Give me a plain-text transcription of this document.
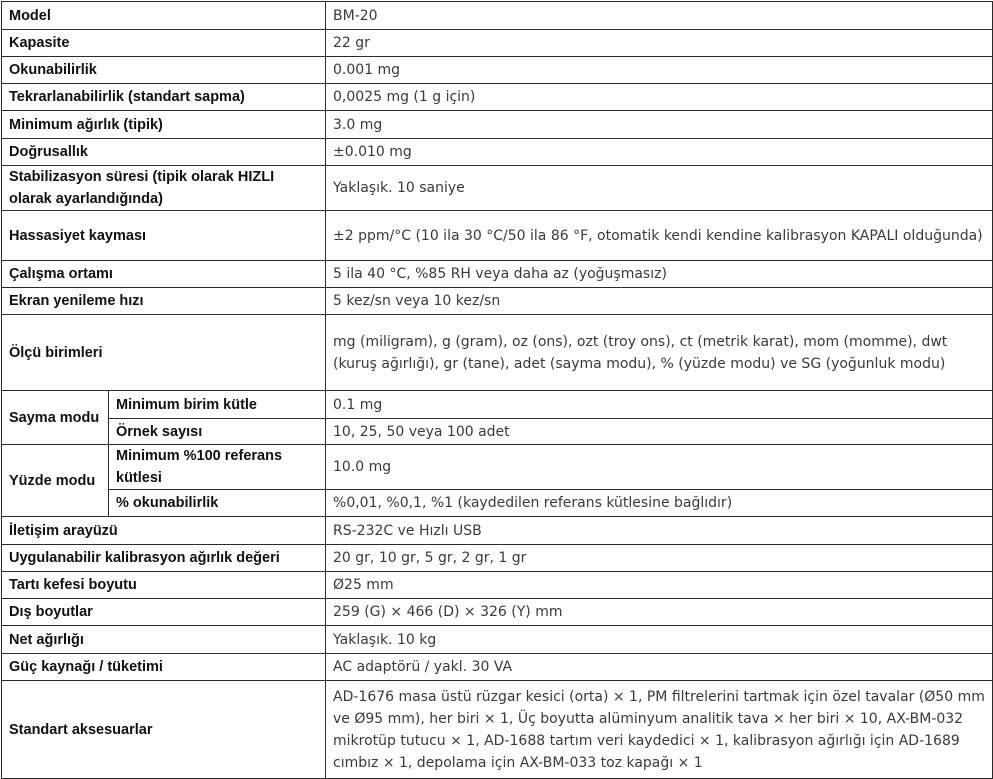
Model		BM-20
Kapasite		22 gr
Okunabilirlik		0.001 mg
Tekrarlanabilirlik (standart sapma)		0,0025 mg (1 g için)
Minimum ağırlık (tipik)		3.0 mg
Doğrusallık		±0.010 mg
Stabilizasyon süresi (tipik olarak HIZLI olarak ayarlandığında)		Yaklaşık. 10 saniye
Hassasiyet kayması		±2 ppm/°C (10 ila 30 °C/50 ila 86 °F, otomatik kendi kendine kalibrasyon KAPALI olduğunda)
Çalışma ortamı		5 ila 40 °C, %85 RH veya daha az (yoğuşmasız)
Ekran yenileme hızı		5 kez/sn veya 10 kez/sn
Ölçü birimleri		mg (miligram), g (gram), oz (ons), ozt (troy ons), ct (metrik karat), mom (momme), dwt (kuruş ağırlığı), gr (tane), adet (sayma modu), % (yüzde modu) ve SG (yoğunluk modu)
Sayma modu	Minimum birim kütle	0.1 mg
	Örnek sayısı	10, 25, 50 veya 100 adet
Yüzde modu	Minimum %100 referans kütlesi	10.0 mg
	% okunabilirlik	%0,01, %0,1, %1 (kaydedilen referans kütlesine bağlıdır)
İletişim arayüzü		RS-232C ve Hızlı USB
Uygulanabilir kalibrasyon ağırlık değeri		20 gr, 10 gr, 5 gr, 2 gr, 1 gr
Tartı kefesi boyutu		Ø25 mm
Dış boyutlar		259 (G) × 466 (D) × 326 (Y) mm
Net ağırlığı		Yaklaşık. 10 kg
Güç kaynağı / tüketimi		AC adaptörü / yakl. 30 VA
Standart aksesuarlar		AD-1676 masa üstü rüzgar kesici (orta) × 1, PM filtrelerini tartmak için özel tavalar (Ø50 mm ve Ø95 mm), her biri × 1, Üç boyutta alüminyum analitik tava × her biri × 10, AX-BM-032 mikrotüp tutucu × 1, AD-1688 tartım veri kaydedici × 1, kalibrasyon ağırlığı için AD-1689 cımbız × 1, depolama için AX-BM-033 toz kapağı × 1
